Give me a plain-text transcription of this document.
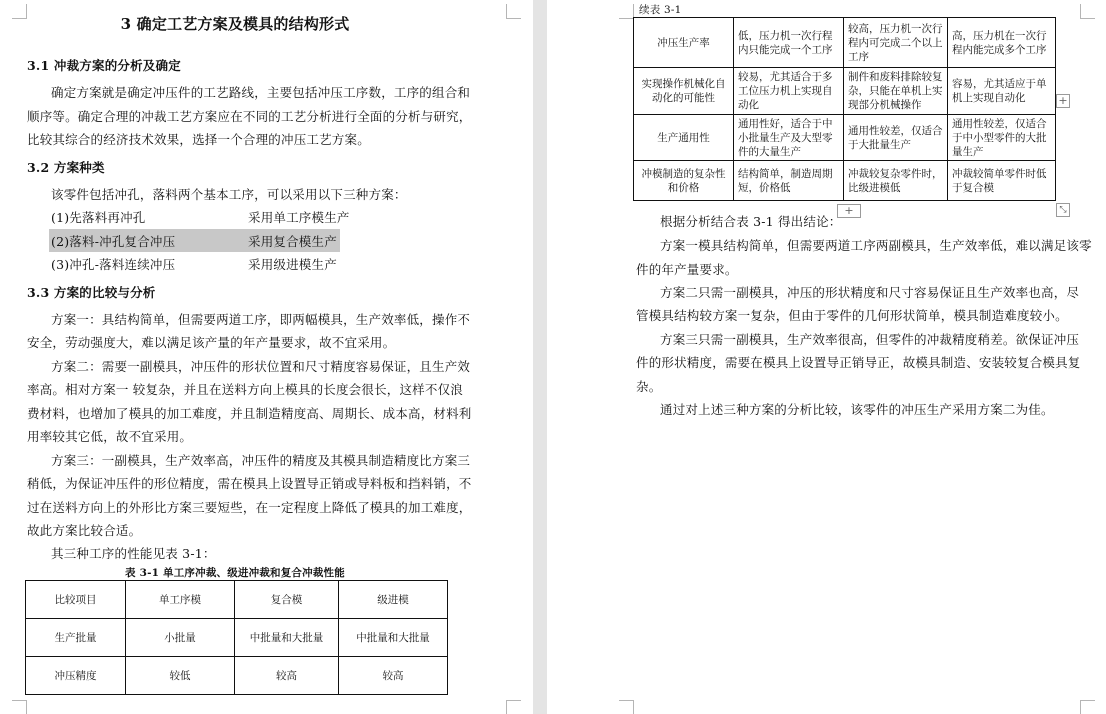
3 确定工艺方案及模具的结构形式
3.1 冲裁方案的分析及确定
确定方案就是确定冲压件的工艺路线，主要包括冲压工序数，工序的组合和
顺序等。确定合理的冲裁工艺方案应在不同的工艺分析进行全面的分析与研究，
比较其综合的经济技术效果，选择一个合理的冲压工艺方案。
3.2 方案种类
该零件包括冲孔，落料两个基本工序，可以采用以下三种方案：
(1)先落料再冲孔	采用单工序模生产
(2)落料-冲孔复合冲压	采用复合模生产
(3)冲孔-落料连续冲压	采用级进模生产
3.3 方案的比较与分析
方案一：具结构简单，但需要两道工序，即两幅模具，生产效率低，操作不
安全，劳动强度大，难以满足该产量的年产量要求，故不宜采用。
方案二：需要一副模具，冲压件的形状位置和尺寸精度容易保证，且生产效
率高。相对方案一 较复杂，并且在送料方向上模具的长度会很长，这样不仅浪
费材料，也增加了模具的加工难度，并且制造精度高、周期长、成本高，材料利
用率较其它低，故不宜采用。
方案三：一副模具，生产效率高，冲压件的精度及其模具制造精度比方案三
稍低，为保证冲压件的形位精度，需在模具上设置导正销或导料板和挡料销，不
过在送料方向上的外形比方案三要短些，在一定程度上降低了模具的加工难度，
故此方案比较合适。
其三种工序的性能见表 3-1：
表 3-1 单工序冲裁、级进冲裁和复合冲裁性能
比较项目	单工序模	复合模	级进模
生产批量	小批量	中批量和大批量	中批量和大批量
冲压精度	较低	较高	较高
续表 3-1
冲压生产率	低，压力机一次行程内只能完成一个工序	较高，压力机一次行程内可完成二个以上工序	高，压力机在一次行程内能完成多个工序
实现操作机械化自动化的可能性	较易，尤其适合于多工位压力机上实现自动化	制件和废料排除较复杂，只能在单机上实现部分机械操作	容易，尤其适应于单机上实现自动化
生产通用性	通用性好，适合于中小批量生产及大型零件的大量生产	通用性较差，仅适合于大批量生产	通用性较差，仅适合于中小型零件的大批量生产
冲模制造的复杂性和价格	结构简单，制造周期短，价格低	冲裁较复杂零件时，比级进模低	冲裁较简单零件时低于复合模
+
+	⤡
根据分析结合表 3-1 得出结论：
方案一模具结构简单，但需要两道工序两副模具，生产效率低，难以满足该零
件的年产量要求。
方案二只需一副模具，冲压的形状精度和尺寸容易保证且生产效率也高，尽
管模具结构较方案一复杂，但由于零件的几何形状简单，模具制造难度较小。
方案三只需一副模具，生产效率很高，但零件的冲裁精度稍差。欲保证冲压
件的形状精度，需要在模具上设置导正销导正，故模具制造、安装较复合模具复
杂。
通过对上述三种方案的分析比较，该零件的冲压生产采用方案二为佳。
